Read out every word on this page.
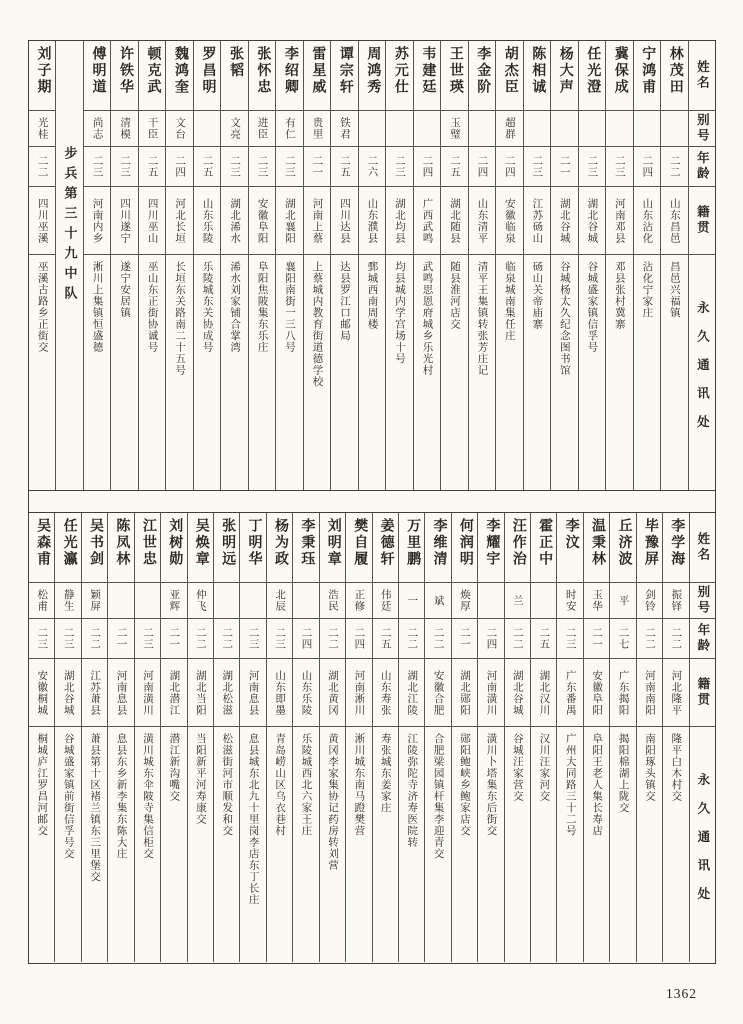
姓名
别号
年龄
籍贯
永久通讯处
林茂田
二二
山东昌邑
昌邑兴福镇
宁鸿甫
二四
山东沾化
沾化宁家庄
冀保成
二三
河南邓县
邓县张村冀寨
任光澄
二三
湖北谷城
谷城盛家镇信孚号
杨大声
二一
湖北谷城
谷城杨太久纪念图书馆
陈相诚
二三
江苏砀山
砀山关帝庙寨
胡杰臣
超群
二四
安徽临泉
临泉城南集任庄
李金阶
二四
山东清平
清平王集镇转张芳庄记
王世瑛
玉璧
二五
湖北随县
随县淮河店交
韦建廷
二四
广西武鸣
武鸣思恩府城乡乐光村
苏元仕
二三
湖北均县
均县城内学宫场十号
周鸿秀
二六
山东濮县
鄄城西南周楼
谭宗轩
铁君
二五
四川达县
达县罗江口邮局
雷星威
贵里
二一
河南上蔡
上蔡城内教育街道德学校
李绍卿
有仁
二三
湖北襄阳
襄阳南街一三八号
张怀忠
进臣
二三
安徽阜阳
阜阳焦陂集东乐庄
张韬
文亮
二三
湖北浠水
浠水刘家铺合掌湾
罗昌明
二五
山东乐陵
乐陵城东关协成号
魏鸿奎
文台
二四
河北长垣
长垣东关路南二十五号
顿克武
干臣
二五
四川巫山
巫山东正街协诚号
许铁华
清模
二三
四川遂宁
遂宁安居镇
傅明道
尚志
二三
河南内乡
淅川上集镇恒盛德
步兵第三十九中队
刘子期
光桂
二二
四川巫溪
巫溪古路乡正街交
姓名
别号
年龄
籍贯
永久通讯处
李学海
振铎
二二
河北隆平
隆平白木村交
毕豫屏
剑铃
二二
河南南阳
南阳琢头镇交
丘济波
平
二七
广东揭阳
揭阳棉湖上陇交
温秉林
玉华
二一
安徽阜阳
阜阳王老人集长寿店
李汶
时安
二三
广东番禺
广州大同路三十二号
霍正中
二五
湖北汉川
汉川汪家河交
汪作治
兰
二二
湖北谷城
谷城汪家营交
李耀宇
二四
河南潢川
潢川卜塔集东后街交
何润明
焕厚
二一
湖北郧阳
郧阳鲍峡乡鲍家店交
李维清
斌
二二
安徽合肥
合肥梁园镇杆集李迎青交
万里鹏
一
二二
湖北江陵
江陵弥陀寺济寿医院转
姜德轩
伟廷
二五
山东寿张
寿张城东姜家庄
樊自履
正修
二四
河南淅川
淅川城东南马蹬樊营
刘明章
浩民
二二
湖北黄冈
黄冈李家集协记药房转刘营
李秉珏
二四
山东乐陵
乐陵城西北六家王庄
杨为政
北辰
二三
山东即墨
青岛崂山区乌衣巷村
丁明华
二三
河南息县
息县城东北九十里岗李店东丁长庄
张明远
二二
湖北松滋
松滋街河市顺发和交
吴焕章
仲飞
二二
湖北当阳
当阳新平河寿康交
刘树勋
亚辉
二一
湖北潜江
潜江新沟嘴交
江世忠
二三
河南潢川
潢川城东伞陂寺集信柜交
陈凤林
二一
河南息县
息县东乡新李集东陈大庄
吴书剑
颖屏
二二
江苏萧县
萧县第十区褚兰镇东三里堡交
任光瀛
静生
二三
湖北谷城
谷城盛家镇前街信孚号交
吴森甫
松甫
二三
安徽桐城
桐城庐江罗昌河邮交
1362
